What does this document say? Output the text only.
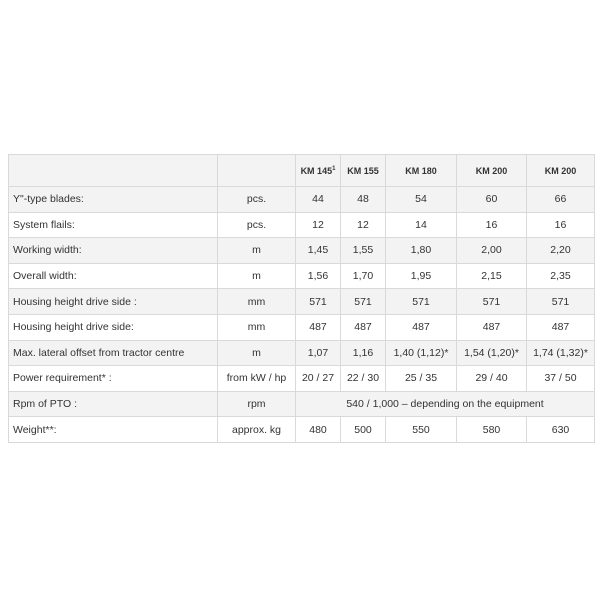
		KM $145^1$	KM 155	KM 180	KM 200	KM 200
Y"-type blades:	pcs.	44	48	54	60	66
System flails:	pcs.	12	12	14	16	16
Working width:	m	1,45	1,55	1,80	2,00	2,20
Overall width:	m	1,56	1,70	1,95	2,15	2,35
Housing height drive side :	mm	571	571	571	571	571
Housing height drive side:	mm	487	487	487	487	487
Max. lateral offset from tractor centre	m	1,07	1,16	1,40 (1,12)*	1,54 (1,20)*	1,74 (1,32)*
Power requirement* :	from kW / hp	20 / 27	22 / 30	25 / 35	29 / 40	37 / 50
Rpm of PTO :	rpm	540 / 1,000 – depending on the equipment				
Weight**:	approx. kg	480	500	550	580	630
